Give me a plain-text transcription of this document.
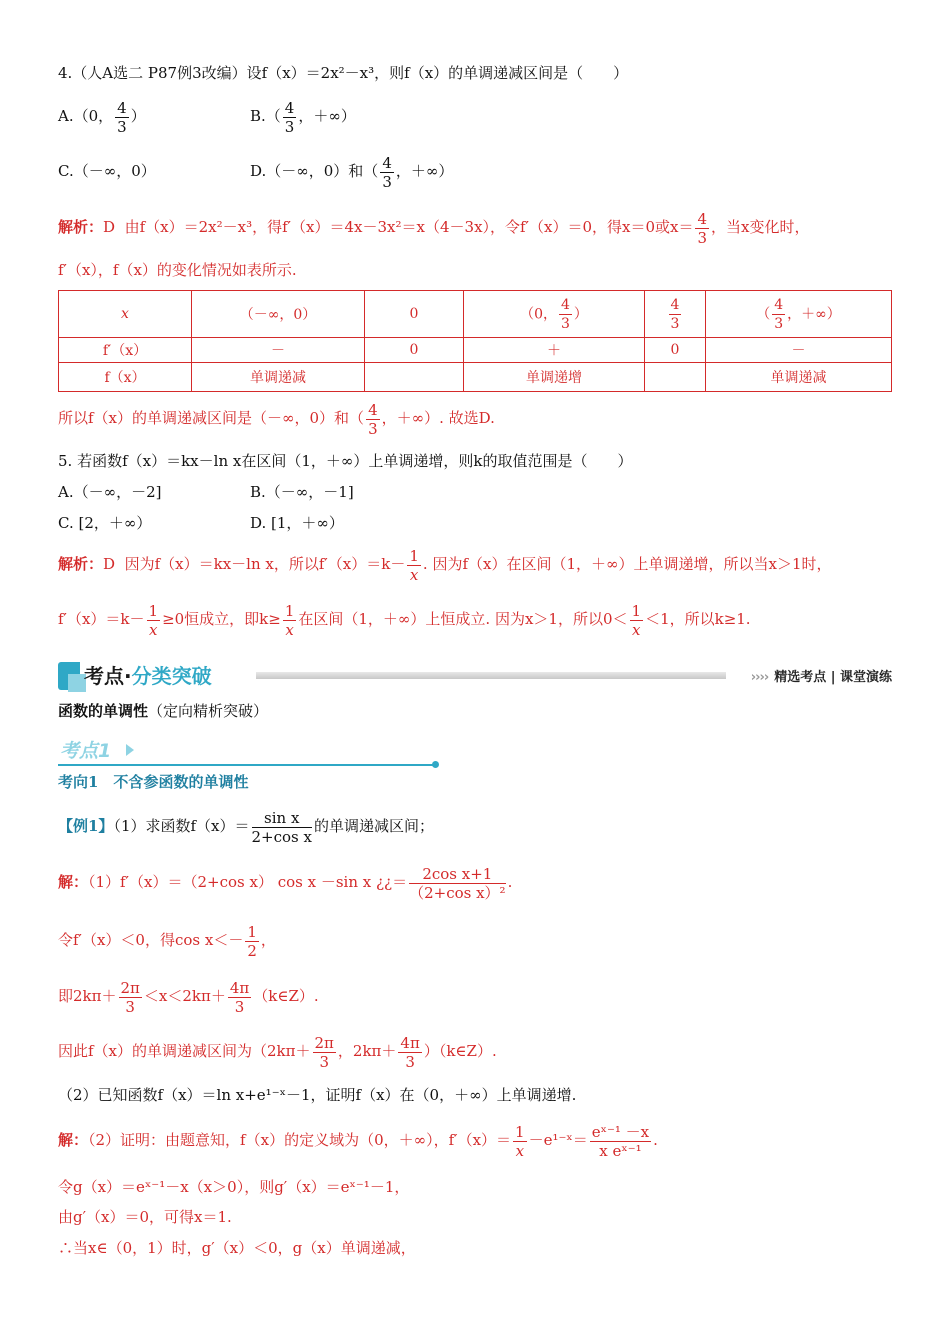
4.（人A选二 P87例3改编）设f（x）＝2x²－x³，则f（x）的单调递减区间是（　　）
A.（0， $\frac{4}{3}$ ）	$B.( \frac{4}{3}$ ，＋∞）
C.（－∞，0）	D.（－∞，0）和（ $\frac{4}{3}$ ，＋∞）
解析：D 由f（x）＝2x²－x³，得f′（x）＝4x－3x²＝x（4－3x），令f′（x）＝0，得x＝0或$x= \frac{4}{3}$ ，当x变化时，
f′（x），f（x）的变化情况如表所示.
x	（－∞，0）	0	（0， $\frac{4}{3}$ ）	$\frac{4}{3}$	（ $\frac{4}{3}$ ，＋∞）
f′（x）	－	0	＋	0	－
f（x）	单调递减		单调递增		单调递减
所以f（x）的单调递减区间是（－∞，0）和（ $\frac{4}{3}$ ，＋∞）. 故选D.
5. 若函数f（x）＝kx－ln x在区间（1，＋∞）上单调递增，则k的取值范围是（　　）
A.（－∞，－2]	B.（－∞，－1]
C. [2，＋∞）	D. [1，＋∞）
解析：D 因为f（x）＝kx－ln x，所以$f'(x)=k- \frac{1}{x}$ . 因为f（x）在区间（1，＋∞）上单调递增，所以当x＞1时，
$f'(x)=k- \frac{1}{x} \ge 0$恒成立，即$k\ge \frac{1}{x}$ 在区间（1，＋∞）上恒成立. 因为x＞1，所以$0< \frac{1}{x} <1$，所以k≥1.
考点·分类突破	›››› 精选考点 | 课堂演练
函数的单调性（定向精析突破）
考点1
考向1　不含参函数的单调性
【例1】（1）求函数$f(x)= \frac{\text{sin x}}{\text{2+cos x}}$ 的单调递减区间；
解：（1）f′（x）＝（2+cos x） cos x －sin x ¿¿＝ $\frac{\text{2cos x+1}}{\text{（2+cos x）²}}$ .
令f′（x）＜0，得$\cos x<- \frac{1}{2}$ ，
即$2k\pi+ \frac{2\pi}{3} <x<2k\pi+ \frac{4\pi}{3}$ （k∈Z）.
因此f（x）的单调递减区间为（$2k\pi+ \frac{2\pi}{3}$ ，$2k\pi+ \frac{4\pi}{3}$ ）（k∈Z）.
（2）已知函数f（x）＝ln x+e¹⁻ˣ－1，证明f（x）在（0，＋∞）上单调递增.
解：（2）证明：由题意知，f（x）的定义域为（0，＋∞），$f'(x)= \frac{1}{x}$ －e¹⁻ˣ＝ $\frac{\text{eˣ⁻¹ －x}}{\text{x eˣ⁻¹}}$ .
令g（x）＝eˣ⁻¹－x（x＞0），则g′（x）＝eˣ⁻¹－1，
由g′（x）＝0，可得x＝1.
∴当x∈（0，1）时，g′（x）＜0，g（x）单调递减，
